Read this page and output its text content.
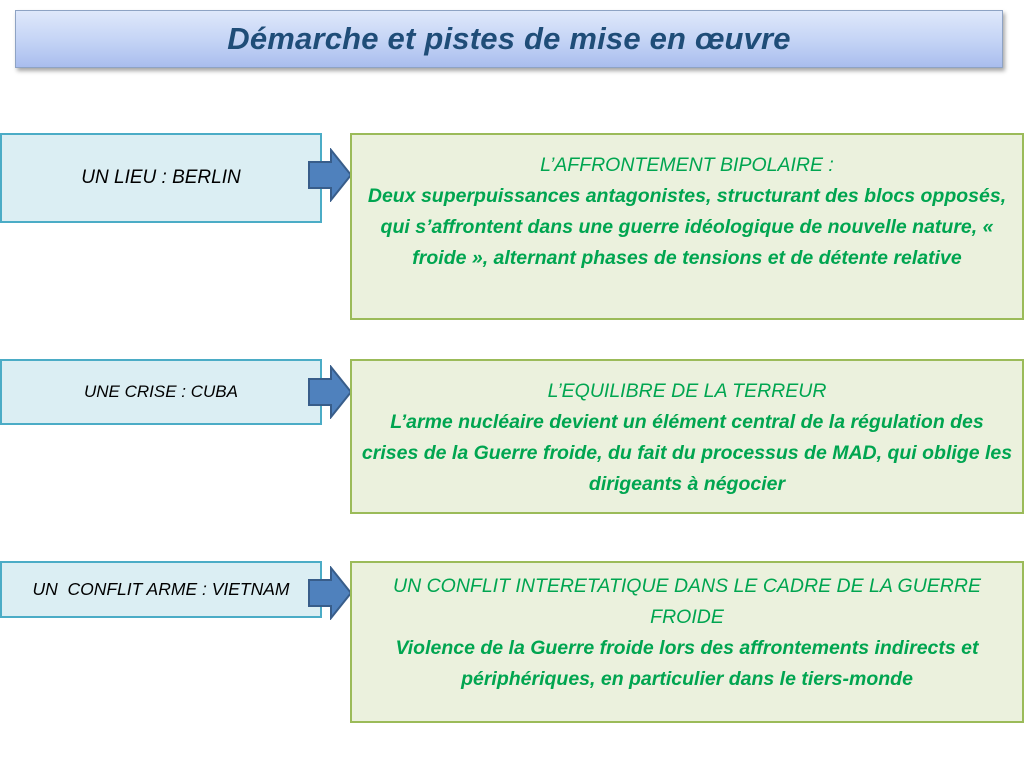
Démarche et pistes de mise en œuvre
UN LIEU : BERLIN
L’AFFRONTEMENT BIPOLAIRE :
Deux superpuissances antagonistes, structurant des blocs opposés, qui s’affrontent dans une guerre idéologique de nouvelle nature, « froide », alternant phases de tensions et de détente relative
UNE CRISE : CUBA	L’EQUILIBRE DE LA TERREUR
L’arme nucléaire devient un élément central de la régulation des crises de la Guerre froide, du fait du processus de MAD, qui oblige les dirigeants à négocier
UN  CONFLIT ARME : VIETNAM	UN CONFLIT INTERETATIQUE DANS LE CADRE DE LA GUERRE FROIDE
Violence de la Guerre froide lors des affrontements indirects et périphériques, en particulier dans le tiers-monde
